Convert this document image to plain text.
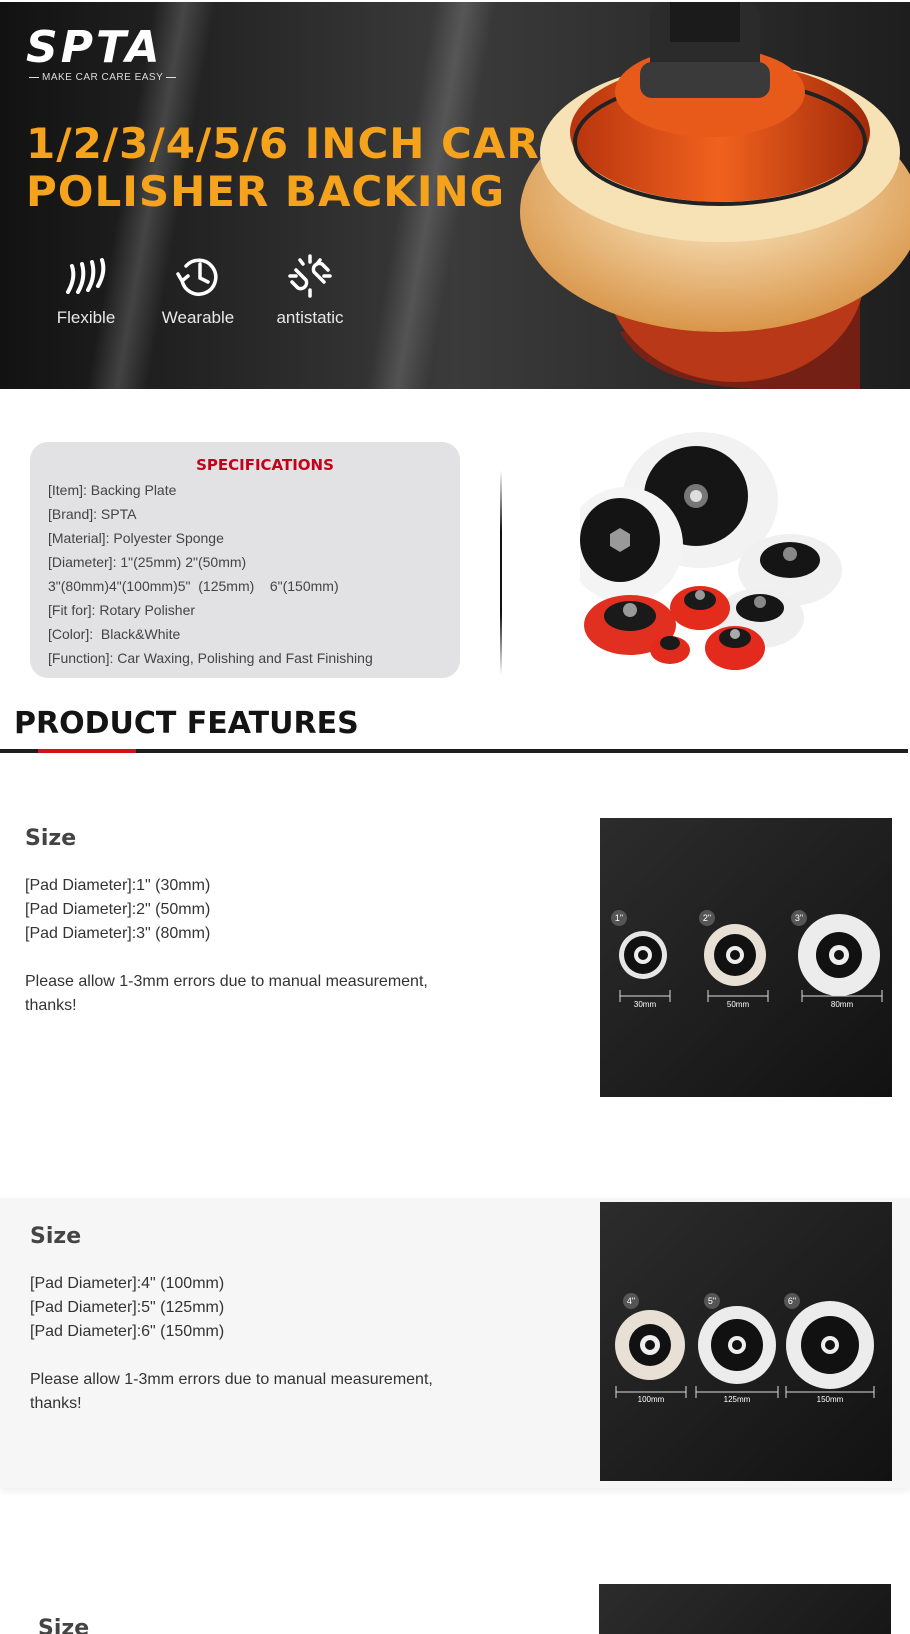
SPTA
MAKE CAR CARE EASY
1/2/3/4/5/6 INCH CAR
POLISHER BACKING
Flexible	Wearable	antistatic
SPECIFICATIONS
[Item]: Backing Plate
[Brand]: SPTA
[Material]: Polyester Sponge
[Diameter]: 1"(25mm) 2"(50mm)
3"(80mm)4"(100mm)5"  (125mm)    6"(150mm)
[Fit for]: Rotary Polisher
[Color]:  Black&White
[Function]: Car Waxing, Polishing and Fast Finishing
PRODUCT FEATURES
Size
[Pad Diameter]:1" (30mm)
[Pad Diameter]:2" (50mm)
[Pad Diameter]:3" (80mm)
Please allow 1-3mm errors due to manual measurement, thanks!
1"	2"	3"
30mm	50mm	80mm
Size
[Pad Diameter]:4" (100mm)
[Pad Diameter]:5" (125mm)
[Pad Diameter]:6" (150mm)
Please allow 1-3mm errors due to manual measurement, thanks!
4"	5"	6"
100mm	125mm	150mm
Size
